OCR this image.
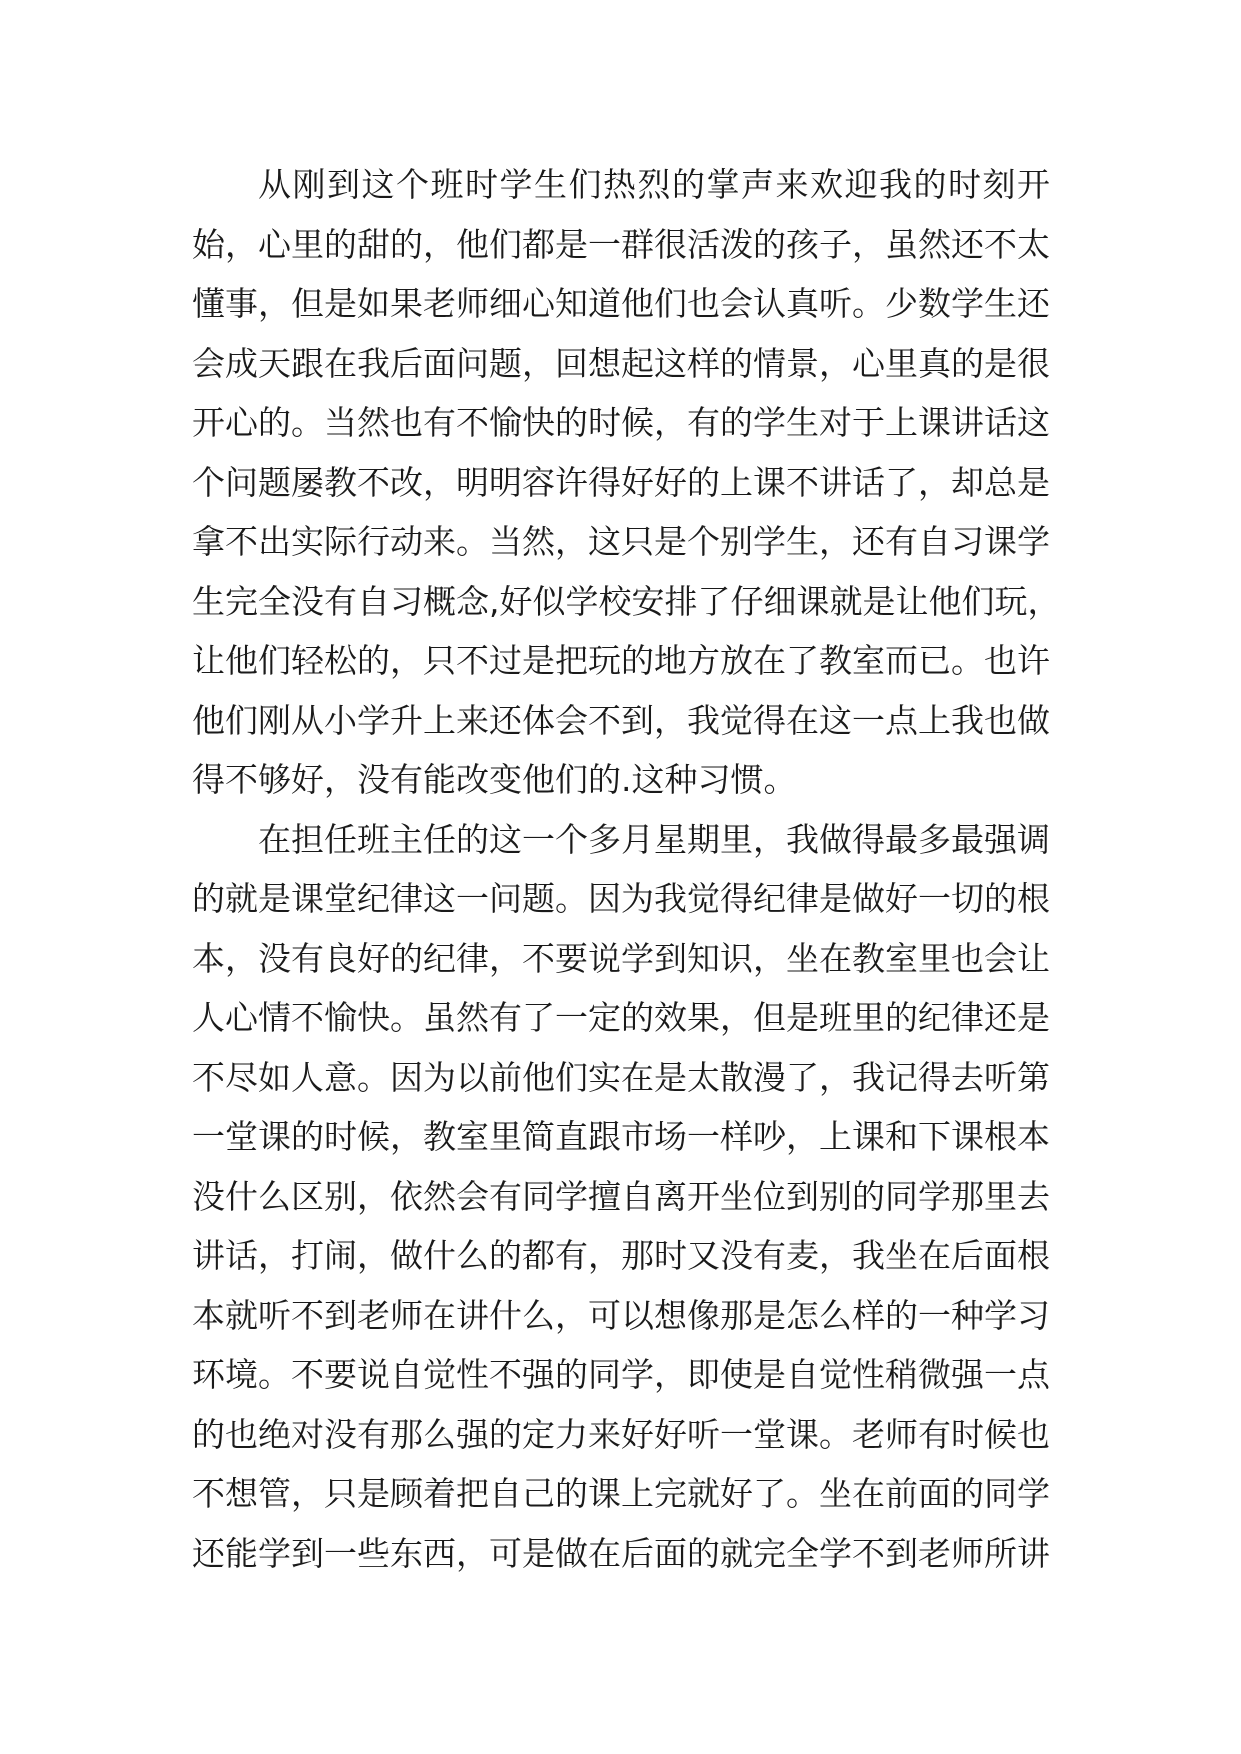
从刚到这个班时学生们热烈的掌声来欢迎我的时刻开
始，心里的甜的，他们都是一群很活泼的孩子，虽然还不太
懂事，但是如果老师细心知道他们也会认真听。少数学生还
会成天跟在我后面问题，回想起这样的情景，心里真的是很
开心的。当然也有不愉快的时候，有的学生对于上课讲话这
个问题屡教不改，明明容许得好好的上课不讲话了，却总是
拿不出实际行动来。当然，这只是个别学生，还有自习课学
生完全没有自习概念,好似学校安排了仔细课就是让他们玩，
让他们轻松的，只不过是把玩的地方放在了教室而已。也许
他们刚从小学升上来还体会不到，我觉得在这一点上我也做
得不够好，没有能改变他们的.这种习惯。
在担任班主任的这一个多月星期里，我做得最多最强调
的就是课堂纪律这一问题。因为我觉得纪律是做好一切的根
本，没有良好的纪律，不要说学到知识，坐在教室里也会让
人心情不愉快。虽然有了一定的效果，但是班里的纪律还是
不尽如人意。因为以前他们实在是太散漫了，我记得去听第
一堂课的时候，教室里简直跟市场一样吵，上课和下课根本
没什么区别，依然会有同学擅自离开坐位到别的同学那里去
讲话，打闹，做什么的都有，那时又没有麦，我坐在后面根
本就听不到老师在讲什么，可以想像那是怎么样的一种学习
环境。不要说自觉性不强的同学，即使是自觉性稍微强一点
的也绝对没有那么强的定力来好好听一堂课。老师有时候也
不想管，只是顾着把自己的课上完就好了。坐在前面的同学
还能学到一些东西，可是做在后面的就完全学不到老师所讲
